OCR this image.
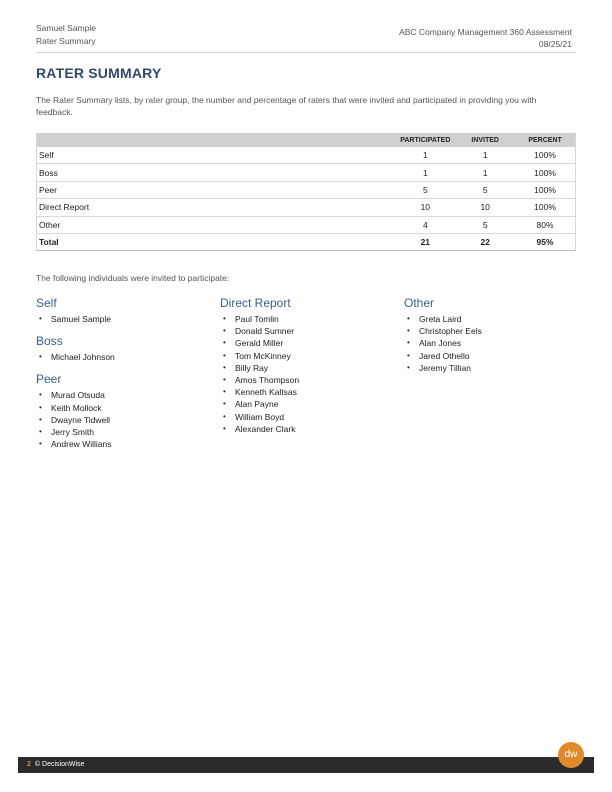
Samuel Sample
Rater Summary
ABC Company Management 360 Assessment
08/25/21
RATER SUMMARY

The Rater Summary lists, by rater group, the number and percentage of raters that were invited and participated in providing you with feedback.

	PARTICIPATED	INVITED	PERCENT
Self	1	1	100%
Boss	1	1	100%
Peer	5	5	100%
Direct Report	10	10	100%
Other	4	5	80%
Total	21	22	95%

The following individuals were invited to participate:

Self
• Samuel Sample
Boss
• Michael Johnson
Peer
• Murad Otsuda
• Keith Mollock
• Dwayne Tidwell
• Jerry Smith
• Andrew Willians
Direct Report
• Paul Tomlin
• Donald Sumner
• Gerald Miller
• Tom McKinney
• Billy Ray
• Amos Thompson
• Kenneth Kaltsas
• Alan Payne
• William Boyd
• Alexander Clark
Other
• Greta Laird
• Christopher Eels
• Alan Jones
• Jared Othello
• Jeremy Tillian
2 © DecisionWise
dw
